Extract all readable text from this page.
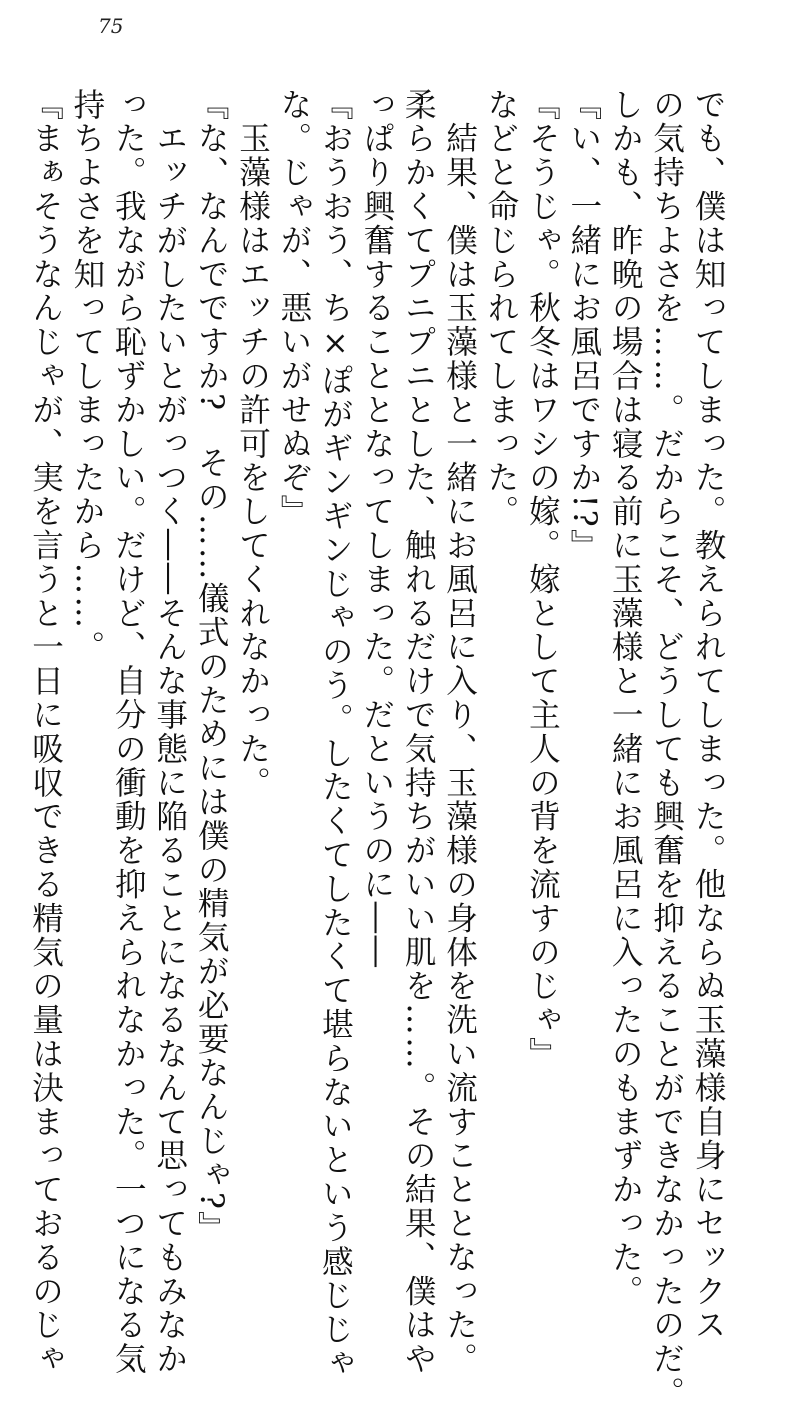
75
でも、僕は知ってしまった。教えられてしまった。他ならぬ玉藻様自身にセックス
の気持ちよさを……。だからこそ、どうしても興奮を抑えることができなかったのだ。
しかも、昨晩の場合は寝る前に玉藻様と一緒にお風呂に入ったのもまずかった。
『い、一緒にお風呂ですか!?』
『そうじゃ。秋冬はワシの嫁。嫁として主人の背を流すのじゃ』
などと命じられてしまった。
　結果、僕は玉藻様と一緒にお風呂に入り、玉藻様の身体を洗い流すこととなった。
柔らかくてプニプニとした、触れるだけで気持ちがいい肌を……。その結果、僕はや
っぱり興奮することとなってしまった。だというのに――
『おうおう、ち×ぽがギンギンじゃのう。したくてしたくて堪らないという感じじゃ
な。じゃが、悪いがせぬぞ』
　玉藻様はエッチの許可をしてくれなかった。
『な、なんでですか?　その……儀式のためには僕の精気が必要なんじゃ?』
　エッチがしたいとがっつく――そんな事態に陥ることになるなんて思ってもみなか
った。我ながら恥ずかしい。だけど、自分の衝動を抑えられなかった。一つになる気
持ちよさを知ってしまったから……。
『まぁそうなんじゃが、実を言うと一日に吸収できる精気の量は決まっておるのじゃ
